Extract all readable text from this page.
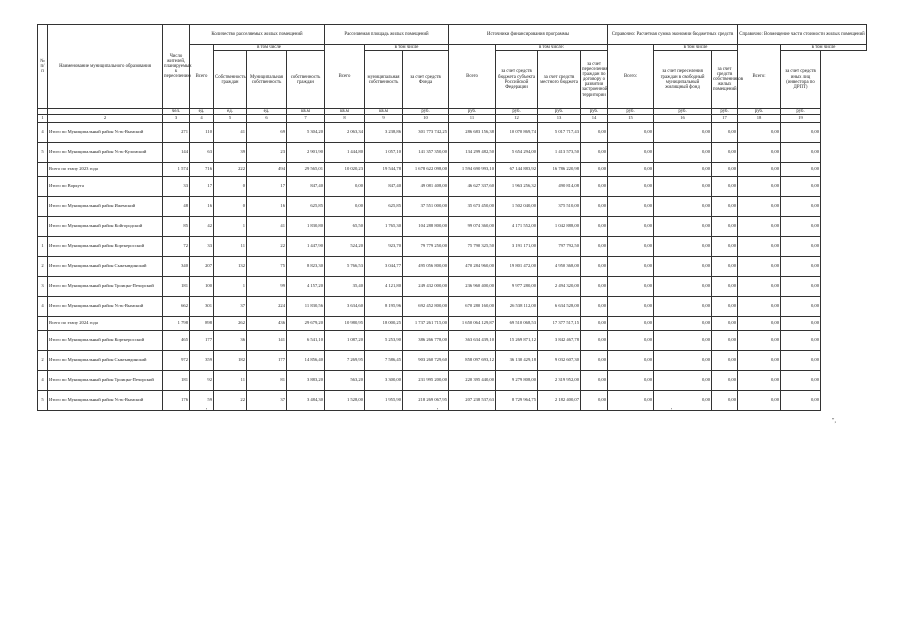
№ п/ п	Наименование муниципального образования	Число жителей, планируемых к переселению	Количество расселяемых жилых помещений				Расселяемая площадь жилых помещений			Источники финансирования программы				Справочно: Расчетная сумма экономии бюджетных средств			Справочно: Возмещение части стоимости жилых помещений	
			Всего	в том числе			Всего	в том числе		Всего	в том числе:			Всего:	в том числе		Всего:	в том числе
				Собственность граждан	Муниципальная собственность	собственность граждан		муниципальная собственность	за счет средств Фонда		за счет средств бюджета субъекта Российской Федерации	за счет средств местного бюджета	за счет переселения граждан по договору о развитии застроенной территории		за счет переселения граждан в свободный муниципальный жилищный фонд	за счет средств собственников жилых помещений		за счет средств иных лиц (инвестора по ДРПТ)
		чел.	ед.	ед.	ед.	кв.м	кв.м	кв.м	руб.	руб.	руб.	руб.	руб.	руб.	руб.	руб.	руб.	руб.
1	2	3	4	5	6	7	8	9	10	11	12	13	14	15	16	17	18	19
4	Итого по Муниципальный район Усть-Вымский	271	110	41	69	5 304,20	2 063,34	3 238,86	301 773 742,25	286 683 156,38	10 070 869,74	5 017 717,43	0,00	0,00	0,00	0,00	0,00	0,00
5	Итого по Муниципальный район Усть-Куломский	144	63	39	23	2 901,90	1 444,80	1 057,10	141 357 350,00	134 299 482,50	5 654 294,00	1 413 573,50	0,00	0,00	0,00	0,00	0,00	0,00
	Всего по этапу 2023 года	1 574	716	222	494	29 565,01	10 020,23	19 544,78	1 678 622 098,00	1 594 690 993,10	67 144 883,92	16 786 220,98	0,00	0,00	0,00	0,00	0,00	0,00
	Итого по Воркута	33	17	0	17	847,40	0,00	847,40	49 081 408,00	46 627 337,60	1 963 256,32	490 814,08	0,00	0,00	0,00	0,00	0,00	0,00
	Итого по Муниципальный район Ижемский	48	16	0	16	625,85	0,00	625,85	37 551 000,00	35 673 450,00	1 502 040,00	375 510,00	0,00	0,00	0,00	0,00	0,00	0,00
	Итого по Муниципальный район Койгородский	85	42	1	41	1 830,80	65,50	1 765,30	104 288 800,00	99 074 360,00	4 171 552,00	1 042 888,00	0,00	0,00	0,00	0,00	0,00	0,00
1	Итого по Муниципальный район Корткеросский	72	33	11	22	1 447,90	524,20	923,70	79 779 250,00	75 790 325,50	3 191 171,00	797 792,50	0,00	0,00	0,00	0,00	0,00	0,00
2	Итого по Муниципальный район Сыктывдинский	340	207	132	75	8 823,30	5 766,53	3 044,77	495 056 800,00	470 284 960,00	19 801 472,00	4 950 368,00	0,00	0,00	0,00	0,00	0,00	0,00
3	Итого по Муниципальный район Троицко-Печорский	181	100	1	99	4 157,20	35,40	4 121,80	249 432 000,00	236 960 400,00	9 977 280,00	2 494 320,00	0,00	0,00	0,00	0,00	0,00	0,00
4	Итого по Муниципальный район Усть-Вымский	662	301	37	224	11 830,56	3 634,60	8 195,96	692 452 800,00	670 280 160,00	26 538 112,00	6 634 528,00	0,00	0,00	0,00	0,00	0,00	0,00
	Всего по этапу 2024 года	1 798	898	262	436	29 679,20	10 980,95	18 000,25	1 737 261 715,00	1 650 064 129,87	69 510 068,53	17 377 517,15	0,00	0,00	0,00	0,00	0,00	0,00
	Итого по Муниципальный район Корткеросский	465	177	36	141	6 541,10	1 087,20	5 253,90	386 266 778,00	363 634 439,10	15 269 871,12	3 842 467,78	0,00	0,00	0,00	0,00	0,00	0,00
2	Итого по Муниципальный район Сыктывдинский	972	359	182	177	14 856,40	7 269,95	7 586,45	903 260 729,60	858 097 693,12	36 130 429,18	9 032 607,30	0,00	0,00	0,00	0,00	0,00	0,00
4	Итого по Муниципальный район Троицко-Печорский	181	92	11	81	3 883,20	563,20	3 300,00	231 995 200,00	220 395 440,00	9 279 808,00	2 319 952,00	0,00	0,00	0,00	0,00	0,00	0,00
5	Итого по Муниципальный район Усть-Вымский	176	59	22	37	3 484,30	1 528,00	1 955,90	218 269 067,95	207 238 537,63	8 729 964,75	2 182 400,07	0,00	0,00	0,00	0,00	0,00	0,00
'	'	'
",
